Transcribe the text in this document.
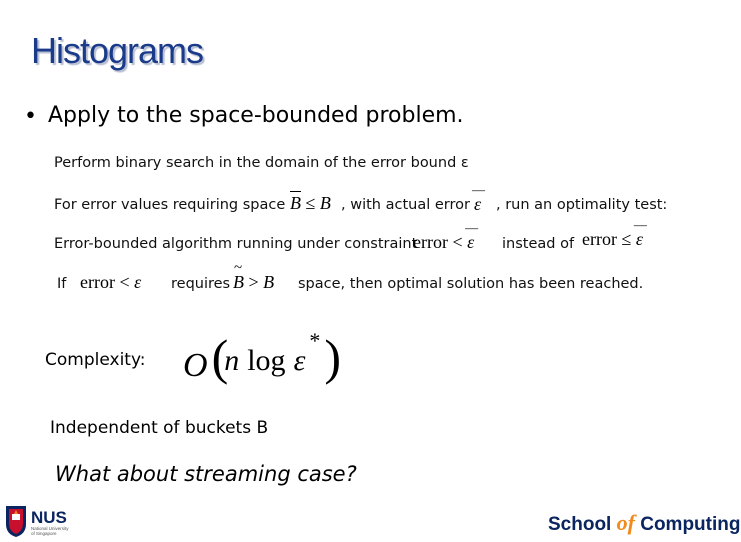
Histograms
• Apply to the space-bounded problem.
Perform binary search in the domain of the error bound ε
For error values requiring space B ≤ B , with actual error — ε , run an optimality test:
Error-bounded algorithm running under constraint
error < — ε instead of error ≤ — ε
If error < ε requires ~ B > B space, then optimal solution has been reached.
Complexity: O ( n log ε * )
Independent of buckets B
What about streaming case?
NUS
National University
of Singapore	School of Computing
